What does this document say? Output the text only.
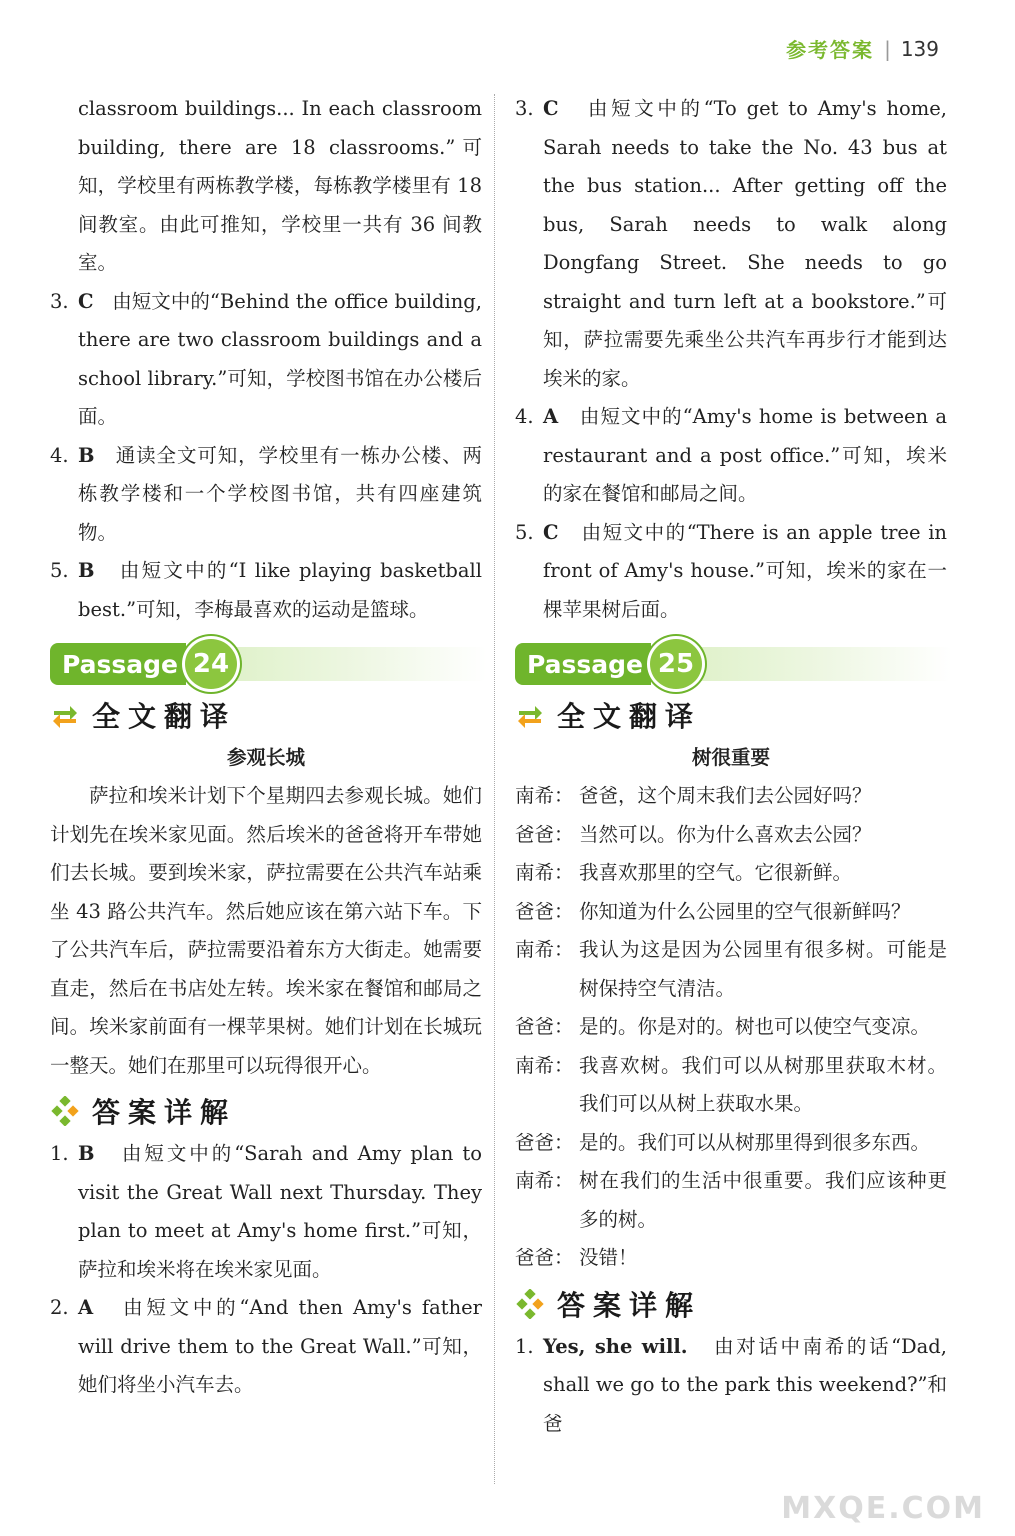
参考答案 | 139

classroom buildings... In each classroom building, there are 18 classrooms.”可知，学校里有两栋教学楼，每栋教学楼里有 18 间教室。由此可推知，学校里一共有 36 间教室。

3. C 由短文中的“Behind the office building, there are two classroom buildings and a school library.”可知，学校图书馆在办公楼后面。
4. B 通读全文可知，学校里有一栋办公楼、两栋教学楼和一个学校图书馆，共有四座建筑物。
5. B 由短文中的“I like playing basketball best.”可知，李梅最喜欢的运动是篮球。
Passage 24
全文翻译
参观长城

萨拉和埃米计划下个星期四去参观长城。她们计划先在埃米家见面。然后埃米的爸爸将开车带她们去长城。要到埃米家，萨拉需要在公共汽车站乘坐 43 路公共汽车。然后她应该在第六站下车。下了公共汽车后，萨拉需要沿着东方大街走。她需要直走，然后在书店处左转。埃米家在餐馆和邮局之间。埃米家前面有一棵苹果树。她们计划在长城玩一整天。她们在那里可以玩得很开心。

答案详解
1. B 由短文中的“Sarah and Amy plan to visit the Great Wall next Thursday. They plan to meet at Amy's home first.”可知，萨拉和埃米将在埃米家见面。
2. A 由短文中的“And then Amy's father will drive them to the Great Wall.”可知，她们将坐小汽车去。
3. C 由短文中的“To get to Amy's home, Sarah needs to take the No. 43 bus at the bus station... After getting off the bus, Sarah needs to walk along Dongfang Street. She needs to go straight and turn left at a bookstore.”可知，萨拉需要先乘坐公共汽车再步行才能到达埃米的家。
4. A 由短文中的“Amy's home is between a restaurant and a post office.”可知，埃米的家在餐馆和邮局之间。
5. C 由短文中的“There is an apple tree in front of Amy's house.”可知，埃米的家在一棵苹果树后面。
Passage 25
全文翻译
树很重要
南希： 爸爸，这个周末我们去公园好吗？
爸爸： 当然可以。你为什么喜欢去公园？
南希： 我喜欢那里的空气。它很新鲜。
爸爸： 你知道为什么公园里的空气很新鲜吗？
南希： 我认为这是因为公园里有很多树。可能是树保持空气清洁。
爸爸： 是的。你是对的。树也可以使空气变凉。
南希： 我喜欢树。我们可以从树那里获取木材。我们可以从树上获取水果。
爸爸： 是的。我们可以从树那里得到很多东西。
南希： 树在我们的生活中很重要。我们应该种更多的树。
爸爸： 没错！
答案详解
1. Yes, she will. 由对话中南希的话“Dad, shall we go to the park this weekend?”和爸
MXQE.COM
